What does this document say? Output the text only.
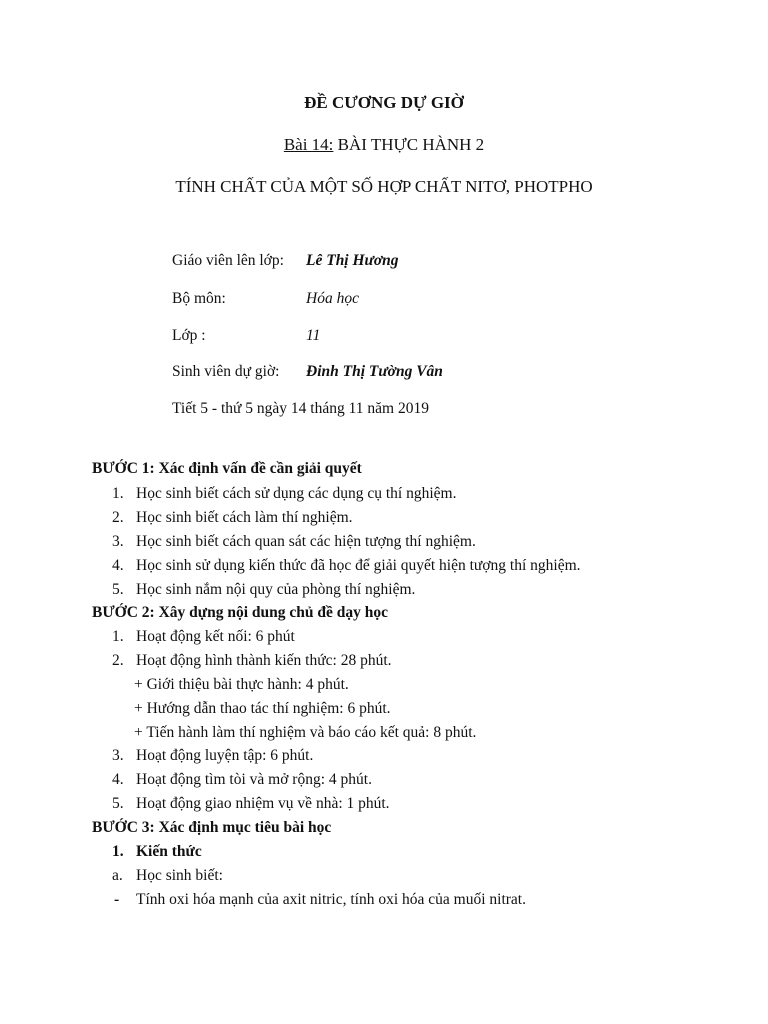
ĐỀ CƯƠNG DỰ GIỜ
Bài 14: BÀI THỰC HÀNH 2
TÍNH CHẤT CỦA MỘT SỐ HỢP CHẤT NITƠ, PHOTPHO
Giáo viên lên lớp: Lê Thị Hương
Bộ môn:	Hóa học
Lớp :	11
Sinh viên dự giờ: Đinh Thị Tường Vân
Tiết 5 - thứ 5 ngày 14 tháng 11 năm 2019
BƯỚC 1: Xác định vấn đề cần giải quyết
1. Học sinh biết cách sử dụng các dụng cụ thí nghiệm.
2. Học sinh biết cách làm thí nghiệm.
3. Học sinh biết cách quan sát các hiện tượng thí nghiệm.
4. Học sinh sử dụng kiến thức đã học để giải quyết hiện tượng thí nghiệm.
5. Học sinh nắm nội quy của phòng thí nghiệm.
BƯỚC 2: Xây dựng nội dung chủ đề dạy học
1. Hoạt động kết nối: 6 phút
2. Hoạt động hình thành kiến thức: 28 phút.
+ Giới thiệu bài thực hành: 4 phút.
+ Hướng dẫn thao tác thí nghiệm: 6 phút.
+ Tiến hành làm thí nghiệm và báo cáo kết quả: 8 phút.
3. Hoạt động luyện tập: 6 phút.
4. Hoạt động tìm tòi và mở rộng: 4 phút.
5. Hoạt động giao nhiệm vụ về nhà: 1 phút.
BƯỚC 3: Xác định mục tiêu bài học
1. Kiến thức
a. Học sinh biết:
- Tính oxi hóa mạnh của axit nitric, tính oxi hóa của muối nitrat.
